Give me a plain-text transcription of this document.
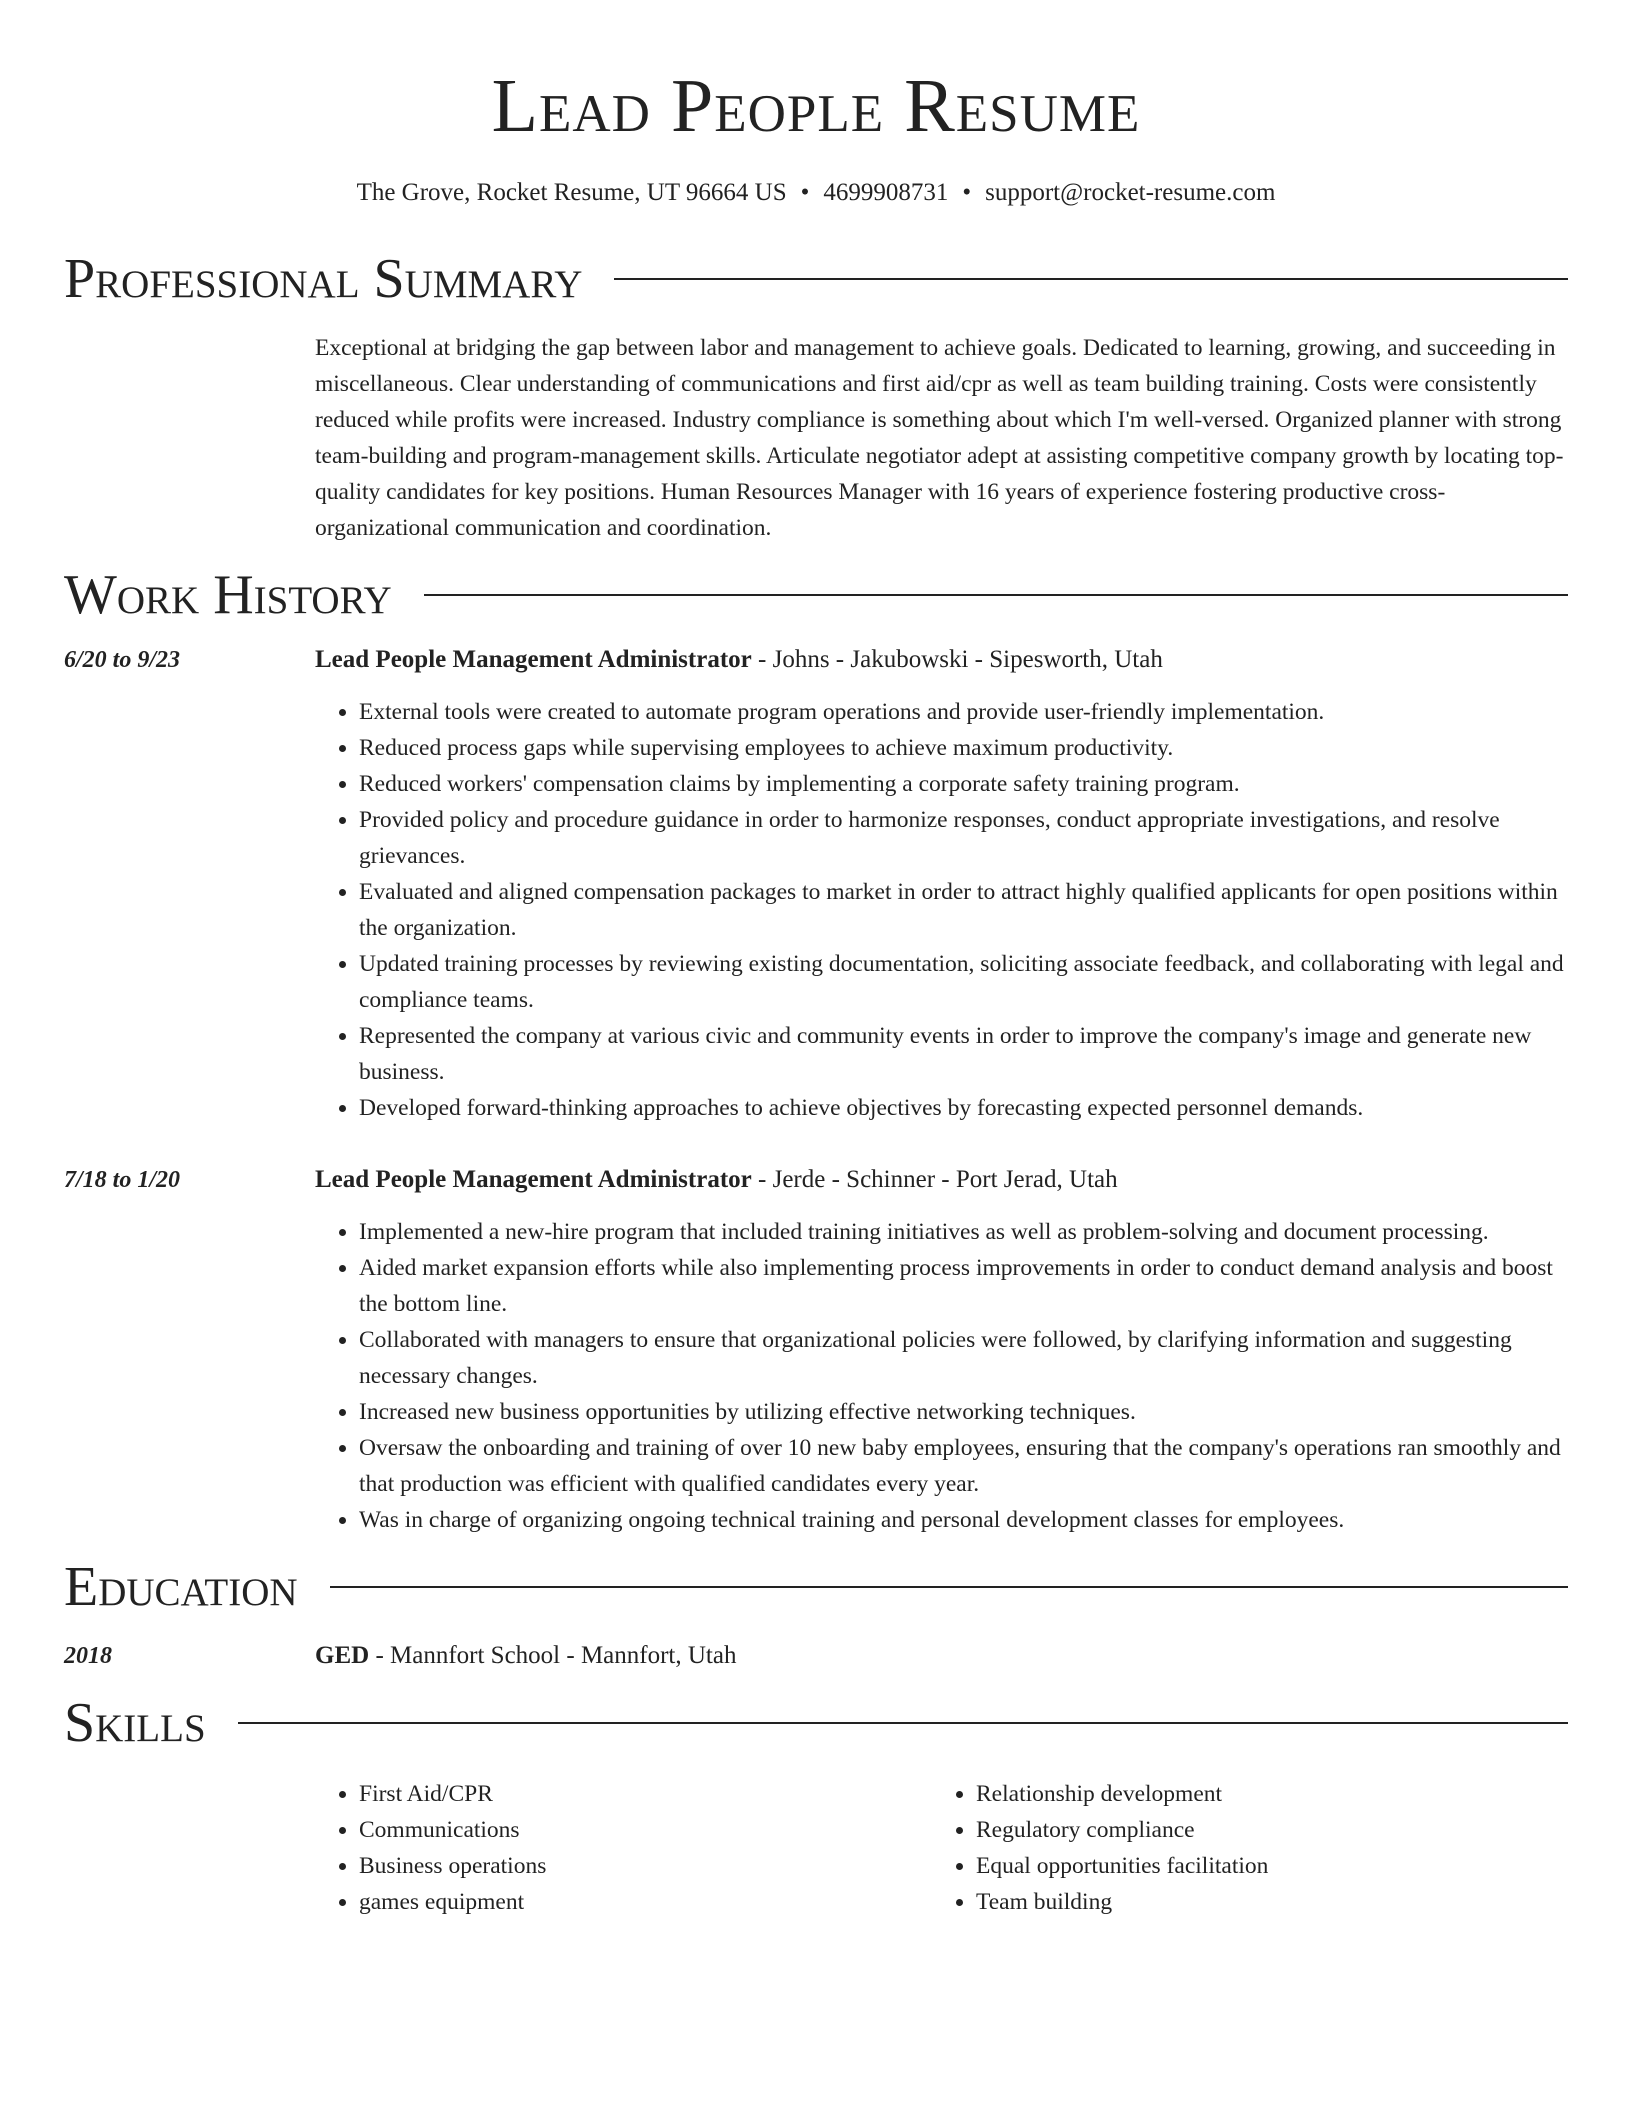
Lead People Resume
The Grove, Rocket Resume, UT 96664 US • 4699908731 • support@rocket-resume.com
Professional Summary

Exceptional at bridging the gap between labor and management to achieve goals. Dedicated to learning, growing, and succeeding in miscellaneous. Clear understanding of communications and first aid/cpr as well as team building training. Costs were consistently reduced while profits were increased. Industry compliance is something about which I'm well-versed. Organized planner with strong team-building and program-management skills. Articulate negotiator adept at assisting competitive company growth by locating top-quality candidates for key positions. Human Resources Manager with 16 years of experience fostering productive cross-organizational communication and coordination.

Work History
6/20 to 9/23	Lead People Management Administrator - Johns - Jakubowski - Sipesworth, Utah
• External tools were created to automate program operations and provide user-friendly implementation.
• Reduced process gaps while supervising employees to achieve maximum productivity.
• Reduced workers' compensation claims by implementing a corporate safety training program.
• Provided policy and procedure guidance in order to harmonize responses, conduct appropriate investigations, and resolve grievances.
• Evaluated and aligned compensation packages to market in order to attract highly qualified applicants for open positions within the organization.
• Updated training processes by reviewing existing documentation, soliciting associate feedback, and collaborating with legal and compliance teams.
• Represented the company at various civic and community events in order to improve the company's image and generate new business.
• Developed forward-thinking approaches to achieve objectives by forecasting expected personnel demands.
7/18 to 1/20	Lead People Management Administrator - Jerde - Schinner - Port Jerad, Utah
• Implemented a new-hire program that included training initiatives as well as problem-solving and document processing.
• Aided market expansion efforts while also implementing process improvements in order to conduct demand analysis and boost the bottom line.
• Collaborated with managers to ensure that organizational policies were followed, by clarifying information and suggesting necessary changes.
• Increased new business opportunities by utilizing effective networking techniques.
• Oversaw the onboarding and training of over 10 new baby employees, ensuring that the company's operations ran smoothly and that production was efficient with qualified candidates every year.
• Was in charge of organizing ongoing technical training and personal development classes for employees.
Education
2018	GED - Mannfort School - Mannfort, Utah
Skills
• First Aid/CPR
• Communications
• Business operations
• games equipment
• Relationship development
• Regulatory compliance
• Equal opportunities facilitation
• Team building
